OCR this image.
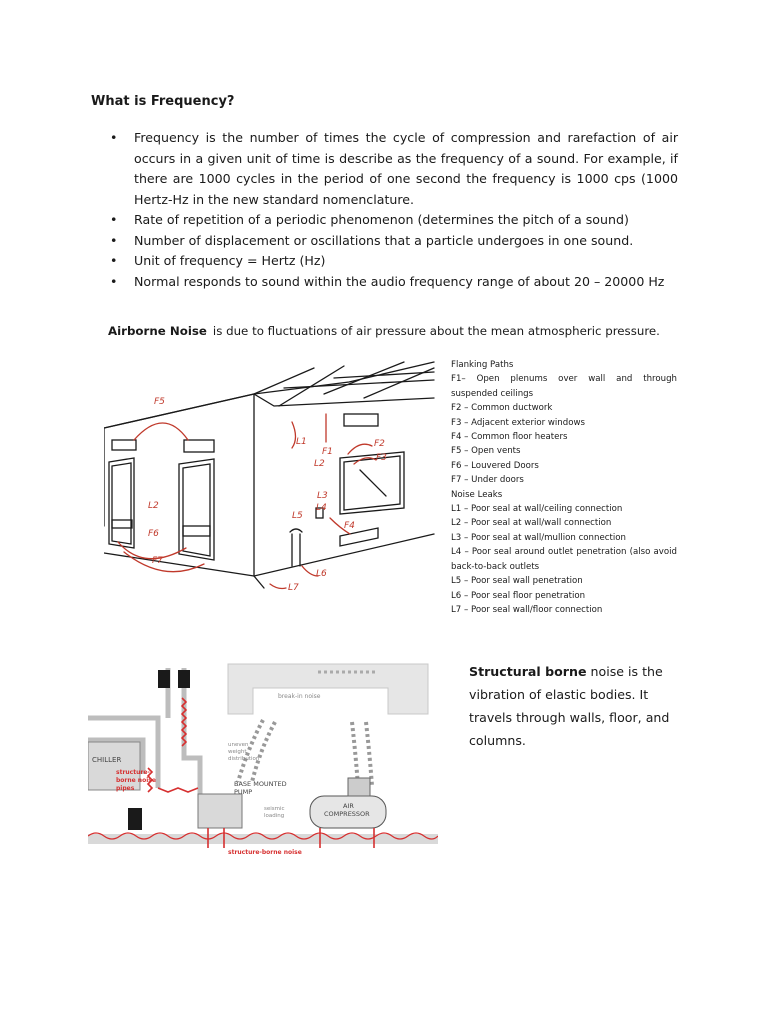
What is Frequency?
• Frequency is the number of times the cycle of compression and rarefaction of air occurs in a given unit of time is describe as the frequency of a sound. For example, if there are 1000 cycles in the period of one second the frequency is 1000 cps (1000 Hertz-Hz in the new standard nomenclature.
• Rate of repetition of a periodic phenomenon (determines the pitch of a sound)
• Number of displacement or oscillations that a particle undergoes in one sound.
• Unit of frequency = Hertz (Hz)
• Normal responds to sound within the audio frequency range of about 20 – 20000 Hz

Airborne Noise is due to fluctuations of air pressure about the mean atmospheric pressure.

F5
F1
F2
F3
F4
F6
F7
L1
L2
L3
L2	L4
L5
L6
L7
Flanking Paths
F1– Open plenums over wall and through suspended ceilings
F2 – Common ductwork
F3 – Adjacent exterior windows
F4 – Common floor heaters
F5 – Open vents
F6 – Louvered Doors
F7 – Under doors
Noise Leaks
L1 – Poor seal at wall/ceiling connection
L2 – Poor seal at wall/wall connection
L3 – Poor seal at wall/mullion connection
L4 – Poor seal around outlet penetration (also avoid back-to-back outlets
L5 – Poor seal wall penetration
L6 – Poor seal floor penetration
L7 – Poor seal wall/floor connection
break-in noise
CHILLER
uneven
weight
distribution
BASE MOUNTED
PUMP
seismic
loading
AIR
COMPRESSOR
structure-
borne noise
pipes
structure-borne noise

Structural borne noise is the vibration of elastic bodies. It travels through walls, floor, and columns.
